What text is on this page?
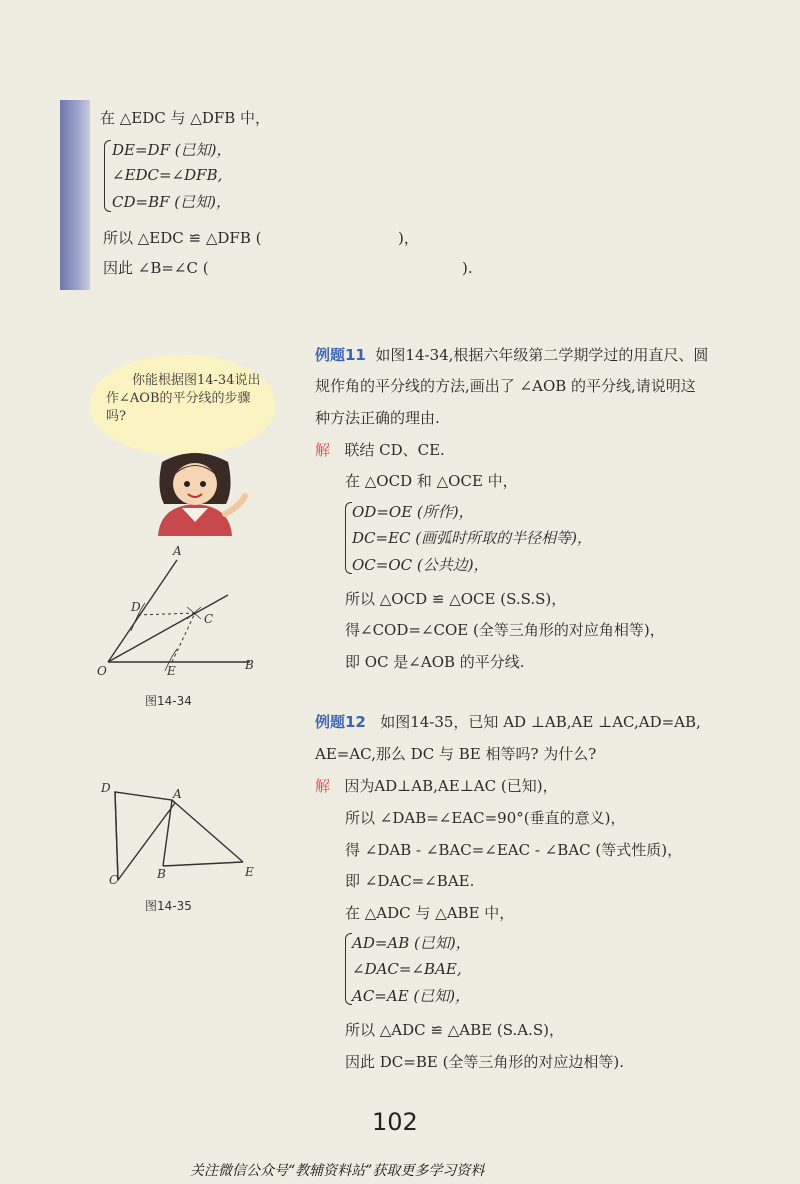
在 △EDC 与 △DFB 中，
DE=DF (已知)，
∠EDC=∠DFB,
CD=BF (已知)，
所以 △EDC ≌ △DFB (	)，
因此 ∠B=∠C (	).
你能根据图14-34说出作∠AOB的平分线的步骤吗?
A
D
C
O	E	B
图14-34
D	A
C	B	E
图14-35
例题11 如图14-34,根据六年级第二学期学过的用直尺、圆
规作角的平分线的方法,画出了 ∠AOB 的平分线,请说明这
种方法正确的理由.
解 联结 CD、CE.
在 △OCD 和 △OCE 中，
OD=OE (所作)，
DC=EC (画弧时所取的半径相等)，
OC=OC (公共边)，
所以 △OCD ≌ △OCE (S.S.S)，
得∠COD=∠COE (全等三角形的对应角相等)，
即 OC 是∠AOB 的平分线.
例题12 如图14-35，已知 AD ⊥AB,AE ⊥AC,AD=AB,
AE=AC,那么 DC 与 BE 相等吗? 为什么?
解 因为AD⊥AB,AE⊥AC (已知)，
所以 ∠DAB=∠EAC=90°(垂直的意义)，
得 ∠DAB - ∠BAC=∠EAC - ∠BAC (等式性质)，
即 ∠DAC=∠BAE.
在 △ADC 与 △ABE 中，
AD=AB (已知)，
∠DAC=∠BAE,
AC=AE (已知)，
所以 △ADC ≌ △ABE (S.A.S)，
因此 DC=BE (全等三角形的对应边相等).
102
关注微信公众号“教辅资料站”获取更多学习资料
